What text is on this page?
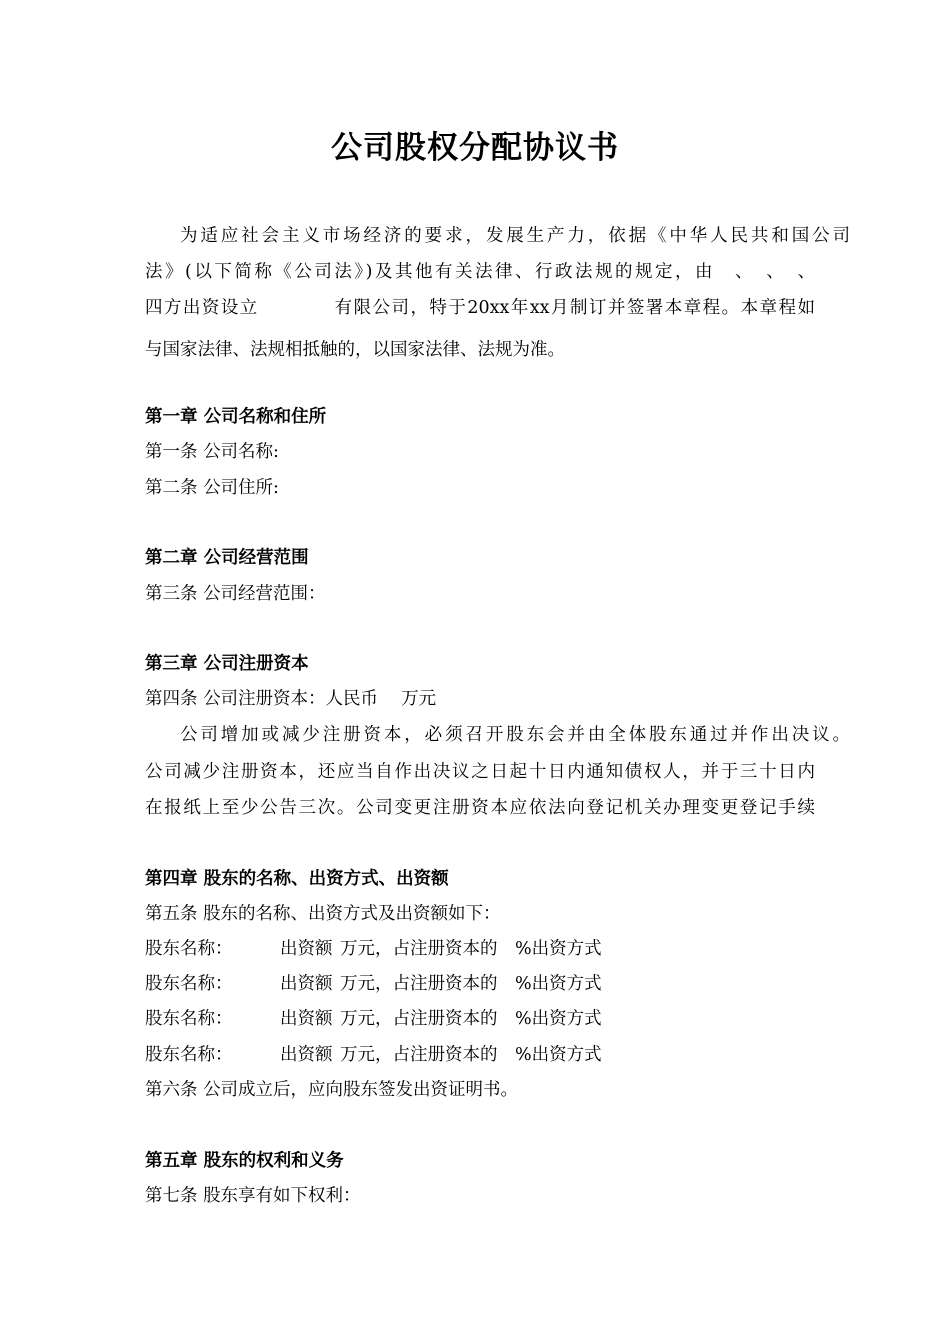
公司股权分配协议书
为适应社会主义市场经济的要求，发展生产力，依据《中华人民共和国公司
法》(以下简称《公司法》)及其他有关法律、行政法规的规定，由　、　、　、
四方出资设立　　　　有限公司，特于20xx年xx月制订并签署本章程。本章程如
与国家法律、法规相抵触的，以国家法律、法规为准。
第一章 公司名称和住所
第一条 公司名称:
第二条 公司住所:
第二章 公司经营范围
第三条 公司经营范围：
第三章 公司注册资本
第四条 公司注册资本：人民币　 万元
公司增加或减少注册资本，必须召开股东会并由全体股东通过并作出决议。
公司减少注册资本，还应当自作出决议之日起十日内通知债权人，并于三十日内
在报纸上至少公告三次。公司变更注册资本应依法向登记机关办理变更登记手续
第四章 股东的名称、出资方式、出资额
第五条 股东的名称、出资方式及出资额如下：
股东名称：	出资额 万元，占注册资本的　%出资方式
股东名称：	出资额 万元，占注册资本的　%出资方式
股东名称：	出资额 万元，占注册资本的　%出资方式
股东名称：	出资额 万元，占注册资本的　%出资方式
第六条 公司成立后，应向股东签发出资证明书。
第五章 股东的权利和义务
第七条 股东享有如下权利：
